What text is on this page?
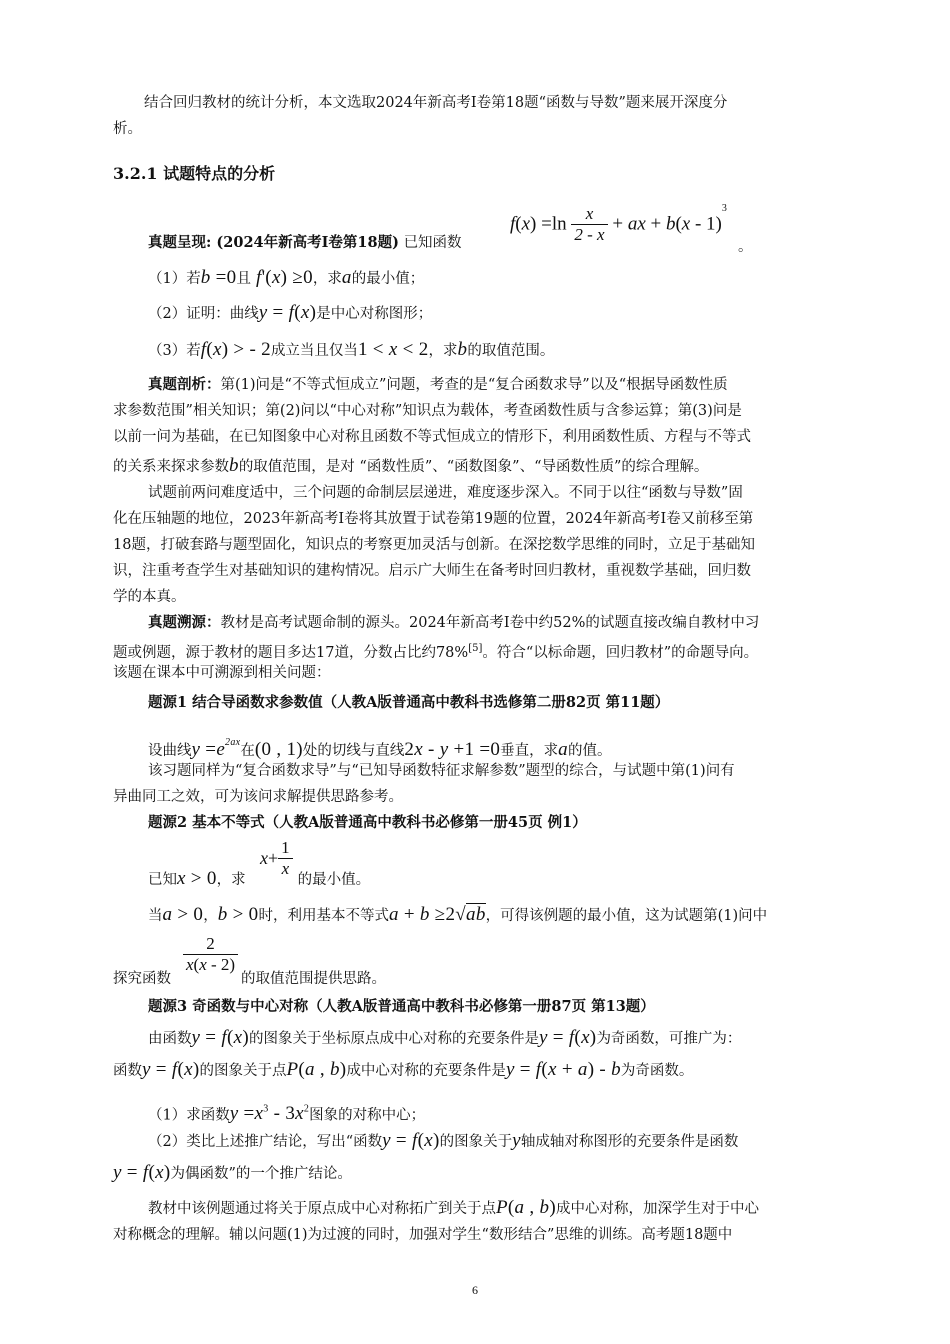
结合回归教材的统计分析，本文选取2024年新高考Ⅰ卷第18题“函数与导数”题来展开深度分
析。
3.2.1 试题特点的分析
真题呈现: (2024年新高考I卷第18题) 已知函数
$f(x) =\ln \frac{x}{2 - x}$ + ax + b(x - 1)$^3$
。
（1）若b =0且 f'(x) ≥0，求a的最小值；
（2）证明：曲线y = f(x)是中心对称图形；
（3）若f(x) > - 2成立当且仅当1 < x < 2，求b的取值范围。
真题剖析：第(1)问是“不等式恒成立”问题，考查的是“复合函数求导”以及“根据导函数性质
求参数范围”相关知识；第(2)问以“中心对称”知识点为载体，考查函数性质与含参运算；第(3)问是
以前一问为基础，在已知图象中心对称且函数不等式恒成立的情形下，利用函数性质、方程与不等式
的关系来探求参数b的取值范围，是对 “函数性质”、“函数图象”、“导函数性质”的综合理解。
试题前两问难度适中，三个问题的命制层层递进，难度逐步深入。不同于以往“函数与导数”固
化在压轴题的地位，2023年新高考I卷将其放置于试卷第19题的位置，2024年新高考I卷又前移至第
18题，打破套路与题型固化，知识点的考察更加灵活与创新。在深挖数学思维的同时，立足于基础知
识，注重考查学生对基础知识的建构情况。启示广大师生在备考时回归教材，重视数学基础，回归数
学的本真。
真题溯源：教材是高考试题命制的源头。2024年新高考I卷中约52%的试题直接改编自教材中习
题或例题，源于教材的题目多达17道，分数占比约78%[5]。符合“以标命题，回归教材”的命题导向。
该题在课本中可溯源到相关问题：
题源1 结合导函数求参数值（人教A版普通高中教科书选修第二册82页 第11题）
设曲线$y =e^{2ax}$在(0 , 1)处的切线与直线2x - y +1 =0垂直，求a的值。
该习题同样为“复合函数求导”与“已知导函数特征求解参数”题型的综合，与试题中第(1)问有
异曲同工之效，可为该问求解提供思路参考。
题源2 基本不等式（人教A版普通高中教科书必修第一册45页 例1）
已知x > 0，求	的最小值。
$x+ \frac{1}{x}$
当a > 0，b > 0时，利用基本不等式a + b ≥2√ab，可得该例题的最小值，这为试题第(1)问中
探究函数	的取值范围提供思路。
$\frac{2}{x(x - 2)}$
题源3 奇函数与中心对称（人教A版普通高中教科书必修第一册87页 第13题）
由函数y = f(x)的图象关于坐标原点成中心对称的充要条件是y = f(x)为奇函数，可推广为：
函数y = f(x)的图象关于点P(a , b)成中心对称的充要条件是y = f(x + a) - b为奇函数。
（1）求函数$y =x^3 - 3x^2$图象的对称中心；
（2）类比上述推广结论，写出“函数y = f(x)的图象关于y轴成轴对称图形的充要条件是函数
y = f(x)为偶函数”的一个推广结论。
教材中该例题通过将关于原点成中心对称拓广到关于点P(a , b)成中心对称，加深学生对于中心
对称概念的理解。辅以问题(1)为过渡的同时，加强对学生“数形结合”思维的训练。高考题18题中
6
